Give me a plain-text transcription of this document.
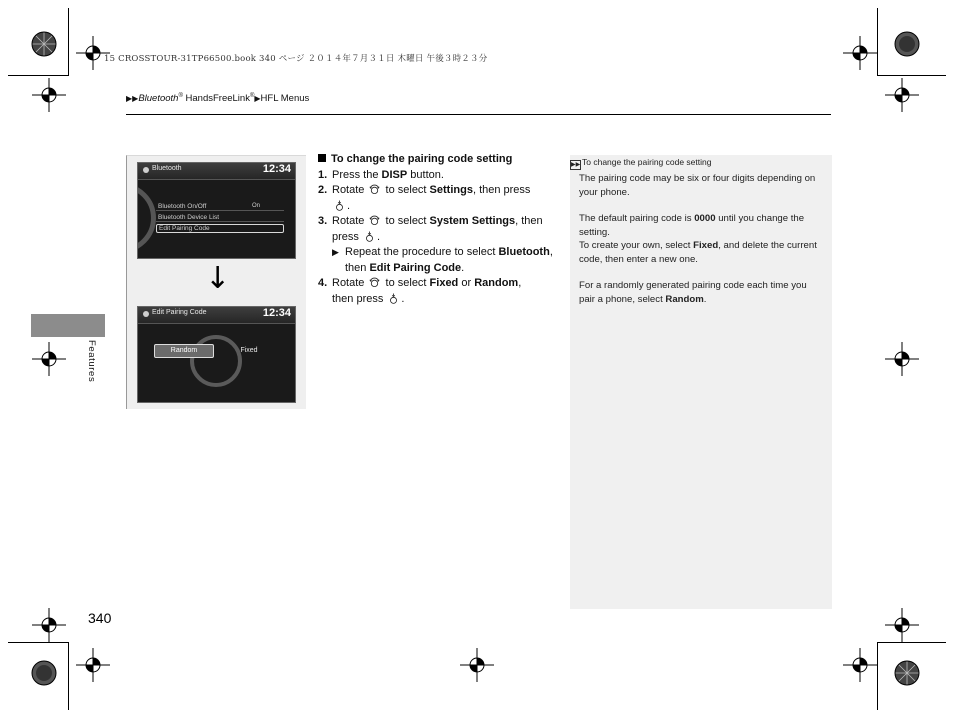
15 CROSSTOUR-31TP66500.book 340 ページ ２０１４年７月３１日 木曜日 午後３時２３分
▶▶Bluetooth® HandsFreeLink®▶HFL Menus
Features
Bluetooth	12:34
Bluetooth On/Off	On
Bluetooth Device List
Edit Pairing Code
↓
Edit Pairing Code	12:34
Random	Fixed
To change the pairing code setting
1. Press the DISP button.
2. Rotate  to select Settings, then press
.
3. Rotate  to select System Settings, then press .
▶ Repeat the procedure to select Bluetooth, then Edit Pairing Code.
4. Rotate  to select Fixed or Random,
then press .
▶▶ To change the pairing code setting

The pairing code may be six or four digits depending on your phone.

The default pairing code is 0000 until you change the setting.

To create your own, select Fixed, and delete the current code, then enter a new one.

For a randomly generated pairing code each time you pair a phone, select Random.

340
